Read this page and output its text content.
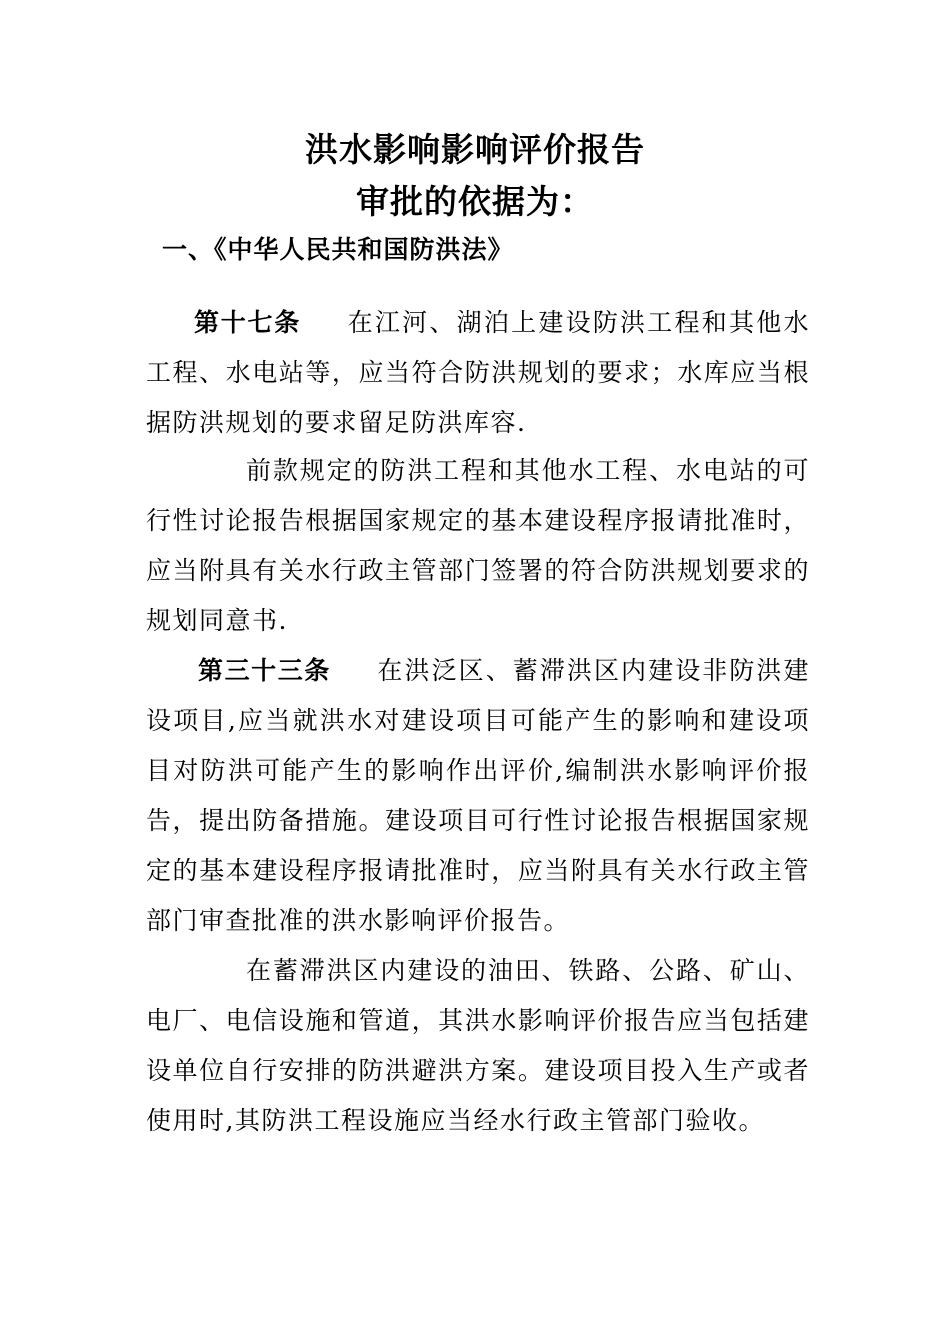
洪水影响影响评价报告
审批的依据为：
一、《中华人民共和国防洪法》
第十七条 在江河、湖泊上建设防洪工程和其他水工程、水电站等，应当符合防洪规划的要求；水库应当根据防洪规划的要求留足防洪库容.
前款规定的防洪工程和其他水工程、水电站的可行性讨论报告根据国家规定的基本建设程序报请批准时，应当附具有关水行政主管部门签署的符合防洪规划要求的规划同意书.
第三十三条 在洪泛区、蓄滞洪区内建设非防洪建设项目,应当就洪水对建设项目可能产生的影响和建设项目对防洪可能产生的影响作出评价,编制洪水影响评价报告，提出防备措施。建设项目可行性讨论报告根据国家规定的基本建设程序报请批准时，应当附具有关水行政主管部门审查批准的洪水影响评价报告。
在蓄滞洪区内建设的油田、铁路、公路、矿山、电厂、电信设施和管道，其洪水影响评价报告应当包括建设单位自行安排的防洪避洪方案。建设项目投入生产或者使用时,其防洪工程设施应当经水行政主管部门验收。
